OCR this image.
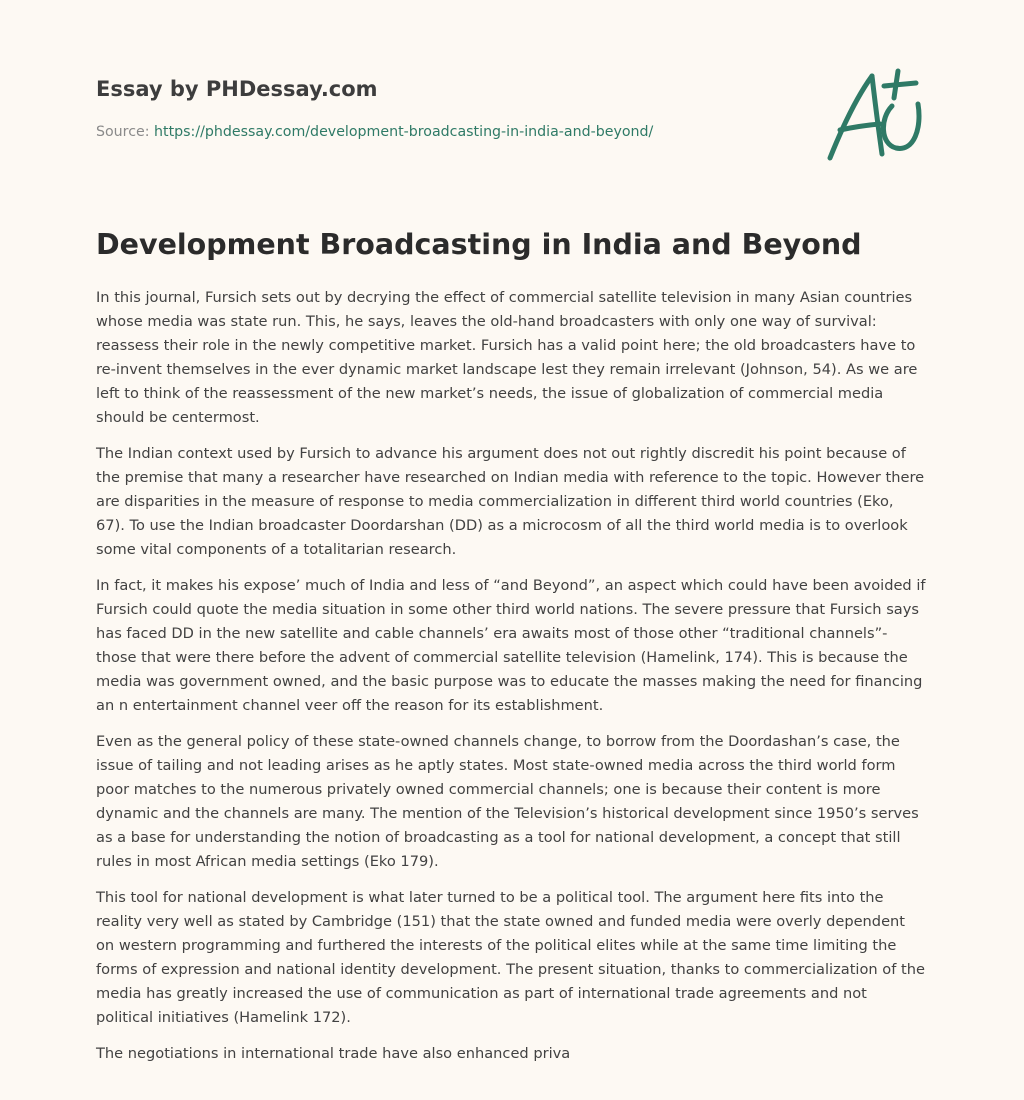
Essay by PHDessay.com
Source: https://phdessay.com/development-broadcasting-in-india-and-beyond/
Development Broadcasting in India and Beyond

In this journal, Fursich sets out by decrying the effect of commercial satellite television in many Asian countries whose media was state run. This, he says, leaves the old-hand broadcasters with only one way of survival: reassess their role in the newly competitive market. Fursich has a valid point here; the old broadcasters have to re-invent themselves in the ever dynamic market landscape lest they remain irrelevant (Johnson, 54). As we are left to think of the reassessment of the new market’s needs, the issue of globalization of commercial media should be centermost.

The Indian context used by Fursich to advance his argument does not out rightly discredit his point because of the premise that many a researcher have researched on Indian media with reference to the topic. However there are disparities in the measure of response to media commercialization in different third world countries (Eko, 67). To use the Indian broadcaster Doordarshan (DD) as a microcosm of all the third world media is to overlook some vital components of a totalitarian research.

In fact, it makes his expose’ much of India and less of “and Beyond”, an aspect which could have been avoided if Fursich could quote the media situation in some other third world nations. The severe pressure that Fursich says has faced DD in the new satellite and cable channels’ era awaits most of those other “traditional channels”- those that were there before the advent of commercial satellite television (Hamelink, 174). This is because the media was government owned, and the basic purpose was to educate the masses making the need for financing an n entertainment channel veer off the reason for its establishment.

Even as the general policy of these state-owned channels change, to borrow from the Doordashan’s case, the issue of tailing and not leading arises as he aptly states. Most state-owned media across the third world form poor matches to the numerous privately owned commercial channels; one is because their content is more dynamic and the channels are many. The mention of the Television’s historical development since 1950’s serves as a base for understanding the notion of broadcasting as a tool for national development, a concept that still rules in most African media settings (Eko 179).

This tool for national development is what later turned to be a political tool. The argument here fits into the reality very well as stated by Cambridge (151) that the state owned and funded media were overly dependent on western programming and furthered the interests of the political elites while at the same time limiting the forms of expression and national identity development. The present situation, thanks to commercialization of the media has greatly increased the use of communication as part of international trade agreements and not political initiatives (Hamelink 172).

The negotiations in international trade have also enhanced priva
